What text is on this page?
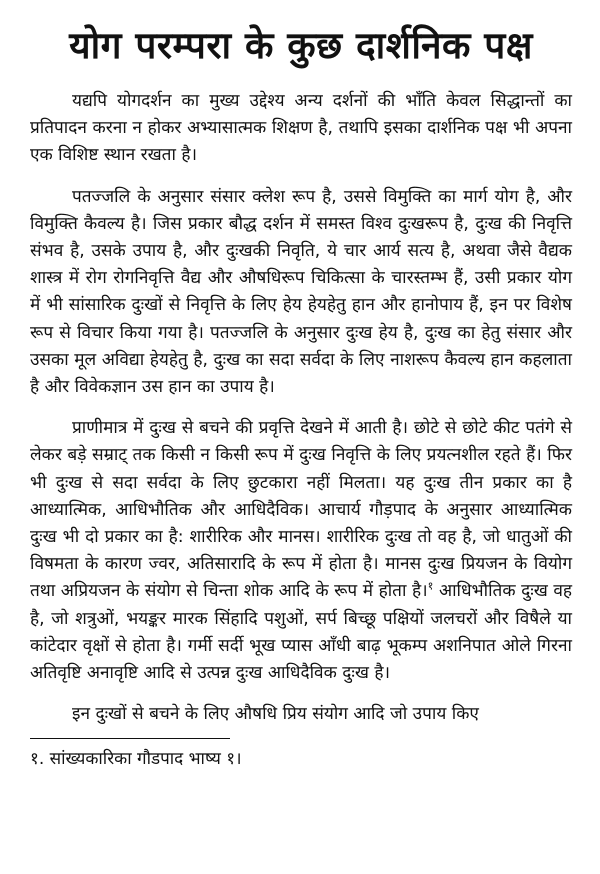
योग परम्परा के कुछ दार्शनिक पक्ष

यद्यपि योगदर्शन का मुख्य उद्देश्य अन्य दर्शनों की भाँति केवल सिद्धान्तों का प्रतिपादन करना न होकर अभ्यासात्मक शिक्षण है, तथापि इसका दार्शनिक पक्ष भी अपना एक विशिष्ट स्थान रखता है।

पतज्जलि के अनुसार संसार क्लेश रूप है, उससे विमुक्ति का मार्ग योग है, और विमुक्ति कैवल्य है। जिस प्रकार बौद्ध दर्शन में समस्त विश्व दुःखरूप है, दुःख की निवृत्ति संभव है, उसके उपाय है, और दुःखकी निवृति, ये चार आर्य सत्य है, अथवा जैसे वैद्यक शास्त्र में रोग रोगनिवृत्ति वैद्य और औषधिरूप चिकित्सा के चारस्तम्भ हैं, उसी प्रकार योग में भी सांसारिक दुःखों से निवृत्ति के लिए हेय हेयहेतु हान और हानोपाय हैं, इन पर विशेष रूप से विचार किया गया है। पतज्जलि के अनुसार दुःख हेय है, दुःख का हेतु संसार और उसका मूल अविद्या हेयहेतु है, दुःख का सदा सर्वदा के लिए नाशरूप कैवल्य हान कहलाता है और विवेकज्ञान उस हान का उपाय है।

प्राणीमात्र में दुःख से बचने की प्रवृत्ति देखने में आती है। छोटे से छोटे कीट पतंगे से लेकर बड़े सम्राट् तक किसी न किसी रूप में दुःख निवृत्ति के लिए प्रयत्नशील रहते हैं। फिर भी दुःख से सदा सर्वदा के लिए छुटकारा नहीं मिलता। यह दुःख तीन प्रकार का है आध्यात्मिक, आधिभौतिक और आधिदैविक। आचार्य गौड़पाद के अनुसार आध्यात्मिक दुःख भी दो प्रकार का है: शारीरिक और मानस। शारीरिक दुःख तो वह है, जो धातुओं की विषमता के कारण ज्वर, अतिसारादि के रूप में होता है। मानस दुःख प्रियजन के वियोग तथा अप्रियजन के संयोग से चिन्ता शोक आदि के रूप में होता है।$^१$ आधिभौतिक दुःख वह है, जो शत्रुओं, भयङ्कर मारक सिंहादि पशुओं, सर्प बिच्छू पक्षियों जलचरों और विषैले या कांटेदार वृक्षों से होता है। गर्मी सर्दी भूख प्यास आँधी बाढ़ भूकम्प अशनिपात ओले गिरना अतिवृष्टि अनावृष्टि आदि से उत्पन्न दुःख आधिदैविक दुःख है।

इन दुःखों से बचने के लिए औषधि प्रिय संयोग आदि जो उपाय किए

१. सांख्यकारिका गौडपाद भाष्य १।
